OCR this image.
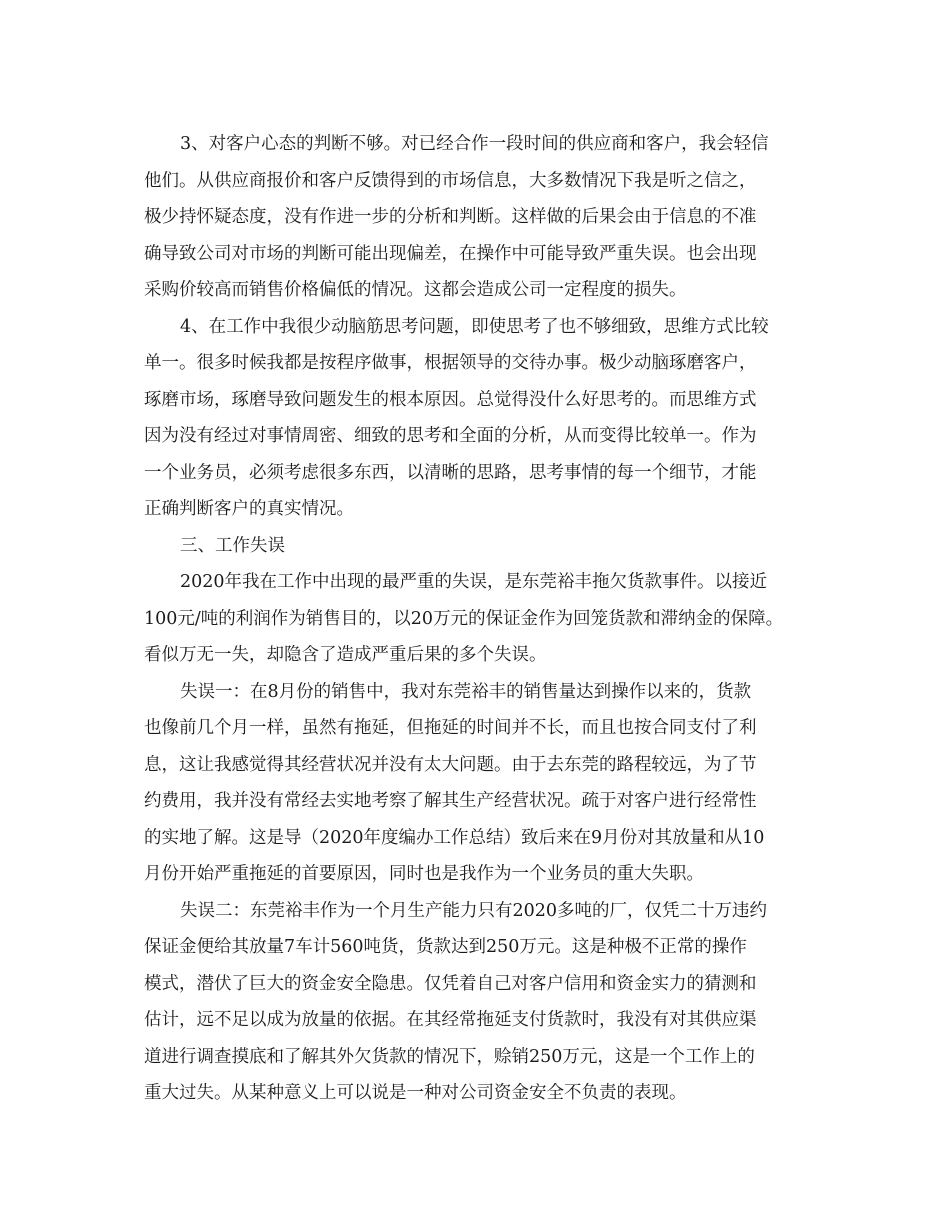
3、对客户心态的判断不够。对已经合作一段时间的供应商和客户，我会轻信
他们。从供应商报价和客户反馈得到的市场信息，大多数情况下我是听之信之，
极少持怀疑态度，没有作进一步的分析和判断。这样做的后果会由于信息的不准
确导致公司对市场的判断可能出现偏差，在操作中可能导致严重失误。也会出现
采购价较高而销售价格偏低的情况。这都会造成公司一定程度的损失。
4、在工作中我很少动脑筋思考问题，即使思考了也不够细致，思维方式比较
单一。很多时候我都是按程序做事，根据领导的交待办事。极少动脑琢磨客户，
琢磨市场，琢磨导致问题发生的根本原因。总觉得没什么好思考的。而思维方式
因为没有经过对事情周密、细致的思考和全面的分析，从而变得比较单一。作为
一个业务员，必须考虑很多东西，以清晰的思路，思考事情的每一个细节，才能
正确判断客户的真实情况。
三、工作失误
2020年我在工作中出现的最严重的失误，是东莞裕丰拖欠货款事件。以接近
100元/吨的利润作为销售目的，以20万元的保证金作为回笼货款和滞纳金的保障。
看似万无一失，却隐含了造成严重后果的多个失误。
失误一：在8月份的销售中，我对东莞裕丰的销售量达到操作以来的，货款
也像前几个月一样，虽然有拖延，但拖延的时间并不长，而且也按合同支付了利
息，这让我感觉得其经营状况并没有太大问题。由于去东莞的路程较远，为了节
约费用，我并没有常经去实地考察了解其生产经营状况。疏于对客户进行经常性
的实地了解。这是导（2020年度编办工作总结）致后来在9月份对其放量和从10
月份开始严重拖延的首要原因，同时也是我作为一个业务员的重大失职。
失误二：东莞裕丰作为一个月生产能力只有2020多吨的厂，仅凭二十万违约
保证金便给其放量7车计560吨货，货款达到250万元。这是种极不正常的操作
模式，潜伏了巨大的资金安全隐患。仅凭着自己对客户信用和资金实力的猜测和
估计，远不足以成为放量的依据。在其经常拖延支付货款时，我没有对其供应渠
道进行调查摸底和了解其外欠货款的情况下，赊销250万元，这是一个工作上的
重大过失。从某种意义上可以说是一种对公司资金安全不负责的表现。
